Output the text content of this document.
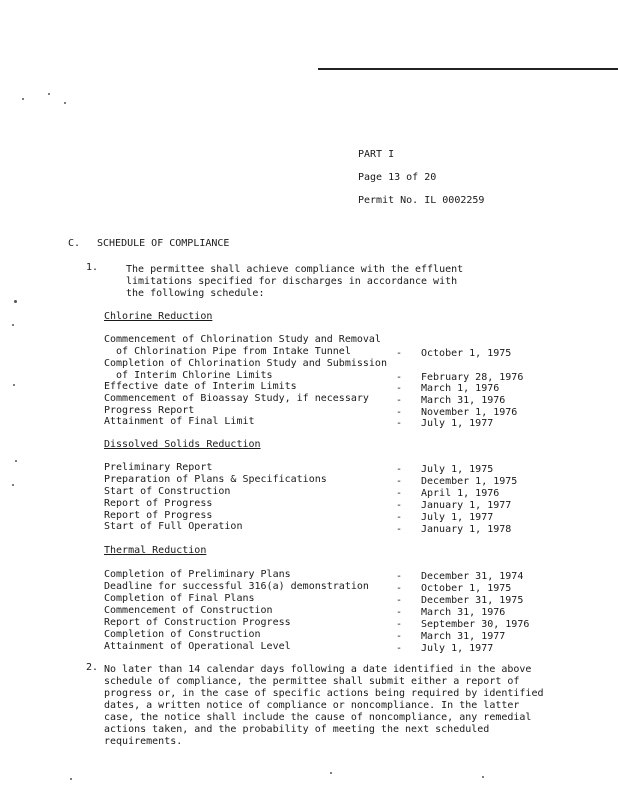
PART I
Page 13 of 20
Permit No. IL 0002259
C. SCHEDULE OF COMPLIANCE
1.	The permittee shall achieve compliance with the effluent
limitations specified for discharges in accordance with
the following schedule:
Chlorine Reduction
Commencement of Chlorination Study and Removal
of Chlorination Pipe from Intake Tunnel	- October 1, 1975
Completion of Chlorination Study and Submission
of Interim Chlorine Limits	- February 28, 1976
Effective date of Interim Limits	- March 1, 1976
Commencement of Bioassay Study, if necessary	- March 31, 1976
Progress Report	- November 1, 1976
Attainment of Final Limit	- July 1, 1977
Dissolved Solids Reduction
Preliminary Report	- July 1, 1975
Preparation of Plans & Specifications	- December 1, 1975
Start of Construction	- April 1, 1976
Report of Progress	- January 1, 1977
Report of Progress	- July 1, 1977
Start of Full Operation	- January 1, 1978
Thermal Reduction
Completion of Preliminary Plans	- December 31, 1974
Deadline for successful 316(a) demonstration	- October 1, 1975
Completion of Final Plans	- December 31, 1975
Commencement of Construction	- March 31, 1976
Report of Construction Progress	- September 30, 1976
Completion of Construction	- March 31, 1977
Attainment of Operational Level	- July 1, 1977
2. No later than 14 calendar days following a date identified in the above
schedule of compliance, the permittee shall submit either a report of
progress or, in the case of specific actions being required by identified
dates, a written notice of compliance or noncompliance. In the latter
case, the notice shall include the cause of noncompliance, any remedial
actions taken, and the probability of meeting the next scheduled
requirements.
